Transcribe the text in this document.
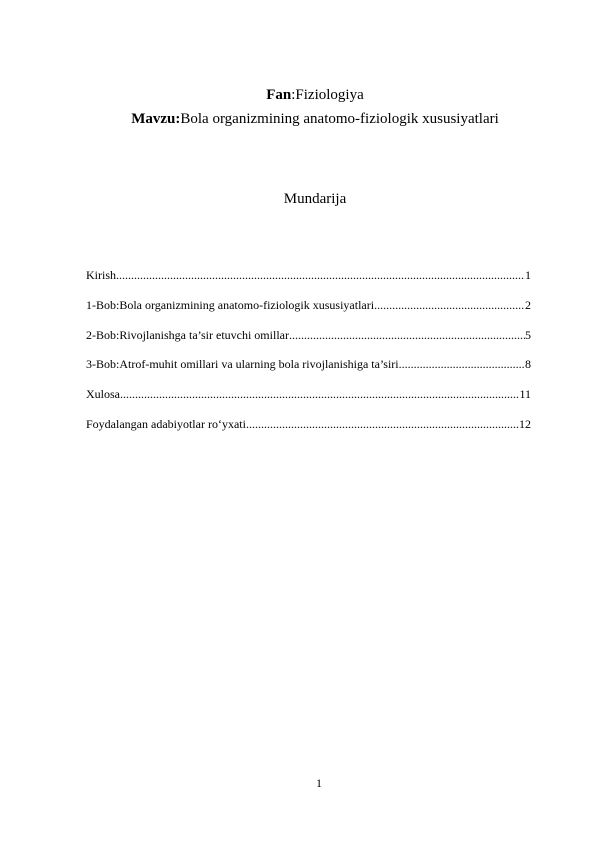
Fan:Fiziologiya
Mavzu:Bola organizmining anatomo-fiziologik xususiyatlari
Mundarija
Kirish .....	1
1-Bob:Bola organizmining anatomo-fiziologik xususiyatlari .....	2
2-Bob:Rivojlanishga ta’sir etuvchi omillar .....	5
3-Bob:Atrof-muhit omillari va ularning bola rivojlanishiga ta’siri .....	8
Xulosa .....	11
Foydalangan adabiyotlar ro‘yxati .....	12
1
